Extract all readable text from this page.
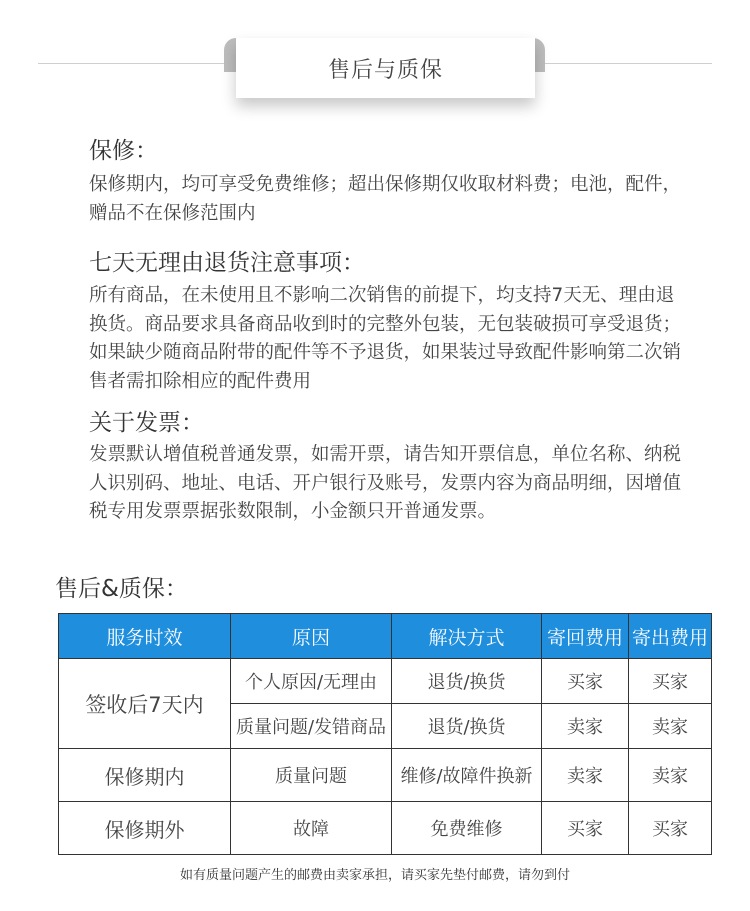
售后与质保
保修：
保修期内，均可享受免费维修；超出保修期仅收取材料费；电池，配件，赠品不在保修范围内
七天无理由退货注意事项：
所有商品，在未使用且不影响二次销售的前提下，均支持7天无、理由退换货。商品要求具备商品收到时的完整外包装，无包装破损可享受退货；如果缺少随商品附带的配件等不予退货，如果装过导致配件影响第二次销售者需扣除相应的配件费用
关于发票：
发票默认增值税普通发票，如需开票，请告知开票信息，单位名称、纳税人识别码、地址、电话、开户银行及账号，发票内容为商品明细，因增值税专用发票票据张数限制，小金额只开普通发票。
售后&质保：
服务时效	原因	解决方式	寄回费用	寄出费用
签收后7天内	个人原因/无理由	退货/换货	买家	买家
	质量问题/发错商品	退货/换货	卖家	卖家
保修期内	质量问题	维修/故障件换新	卖家	卖家
保修期外	故障	免费维修	买家	买家
如有质量问题产生的邮费由卖家承担，请买家先垫付邮费，请勿到付
